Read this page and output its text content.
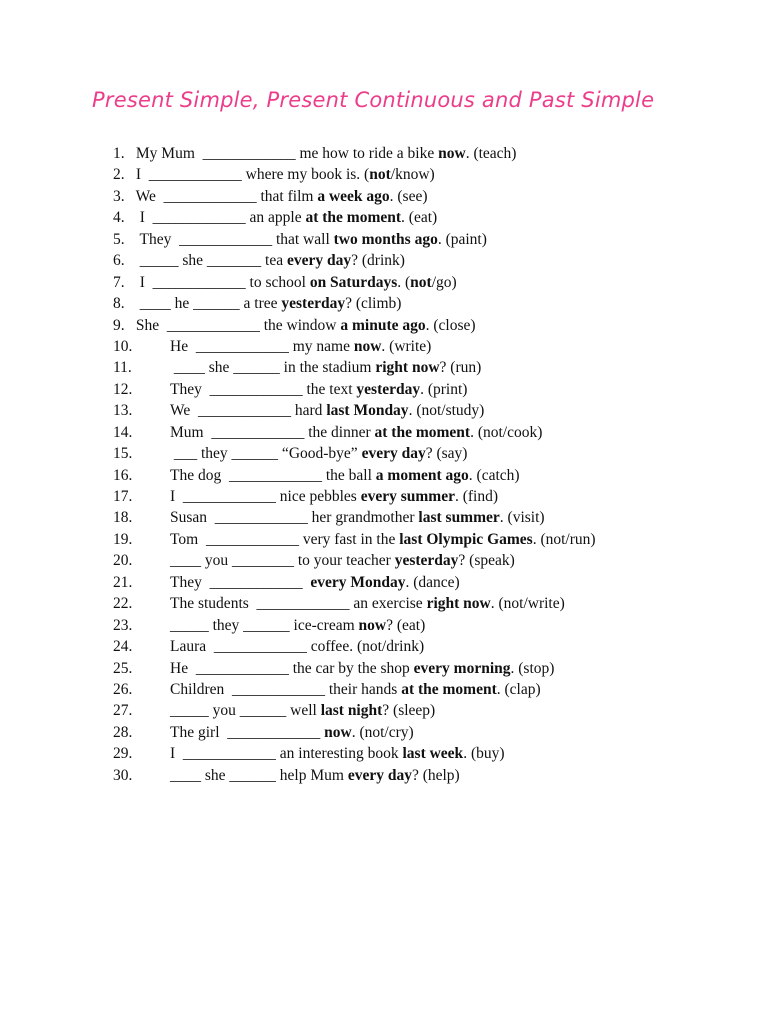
Present Simple, Present Continuous and Past Simple
1. My Mum  ____________ me how to ride a bike now. (teach)
2. I  ____________ where my book is. (not/know)
3. We  ____________ that film a week ago. (see)
4. I  ____________ an apple at the moment. (eat)
5. They  ____________ that wall two months ago. (paint)
6. _____ she _______ tea every day? (drink)
7. I  ____________ to school on Saturdays. (not/go)
8. ____ he ______ a tree yesterday? (climb)
9. She  ____________ the window a minute ago. (close)
10.	He  ____________ my name now. (write)
11.	____ she ______ in the stadium right now? (run)
12.	They  ____________ the text yesterday. (print)
13.	We  ____________ hard last Monday. (not/study)
14.	Mum  ____________ the dinner at the moment. (not/cook)
15.	___ they ______ “Good-bye” every day? (say)
16.	The dog  ____________ the ball a moment ago. (catch)
17.	I  ____________ nice pebbles every summer. (find)
18.	Susan  ____________ her grandmother last summer. (visit)
19.	Tom  ____________ very fast in the last Olympic Games. (not/run)
20.	____ you ________ to your teacher yesterday? (speak)
21.	They  ____________  every Monday. (dance)
22.	The students  ____________ an exercise right now. (not/write)
23.	_____ they ______ ice-cream now? (eat)
24.	Laura  ____________ coffee. (not/drink)
25.	He  ____________ the car by the shop every morning. (stop)
26.	Children  ____________ their hands at the moment. (clap)
27.	_____ you ______ well last night? (sleep)
28.	The girl  ____________ now. (not/cry)
29.	I  ____________ an interesting book last week. (buy)
30.	____ she ______ help Mum every day? (help)
